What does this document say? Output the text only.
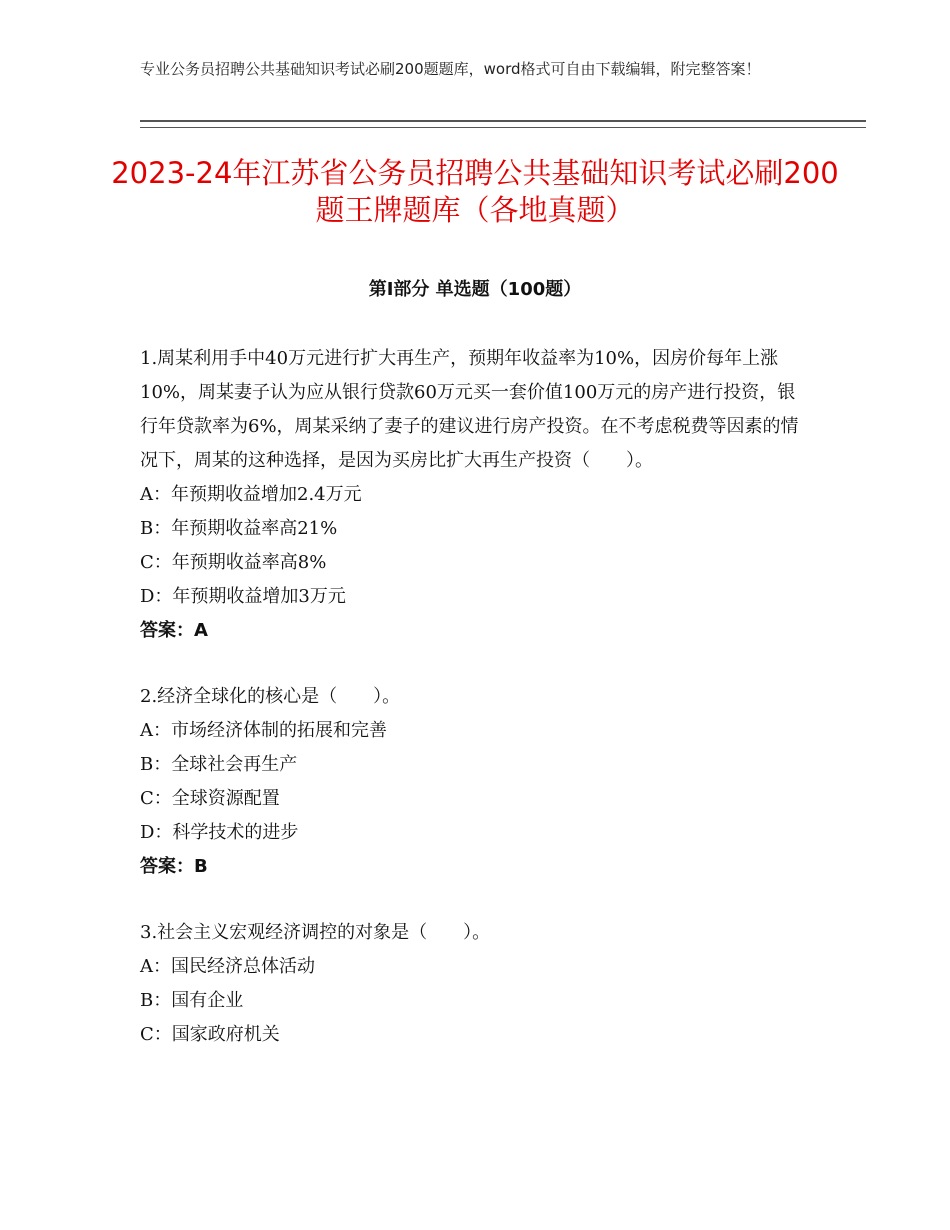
专业公务员招聘公共基础知识考试必刷200题题库，word格式可自由下载编辑，附完整答案！
2023-24年江苏省公务员招聘公共基础知识考试必刷200题王牌题库（各地真题）
第Ⅰ部分 单选题（100题）

1.周某利用手中40万元进行扩大再生产，预期年收益率为10%，因房价每年上涨10%，周某妻子认为应从银行贷款60万元买一套价值100万元的房产进行投资，银行年贷款率为6%，周某采纳了妻子的建议进行房产投资。在不考虑税费等因素的情况下，周某的这种选择，是因为买房比扩大再生产投资（　　）。

A：年预期收益增加2.4万元

B：年预期收益率高21%

C：年预期收益率高8%

D：年预期收益增加3万元

答案：A

2.经济全球化的核心是（　　）。

A：市场经济体制的拓展和完善

B：全球社会再生产

C：全球资源配置

D：科学技术的进步

答案：B

3.社会主义宏观经济调控的对象是（　　）。

A：国民经济总体活动

B：国有企业

C：国家政府机关
